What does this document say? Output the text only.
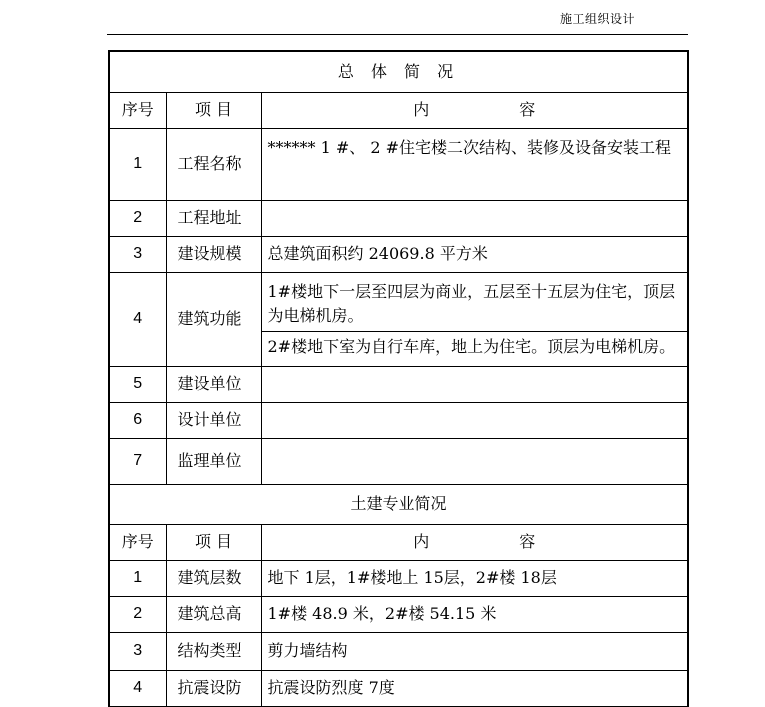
施工组织设计
总 体 简 况		
序号	项 目	内 容
1	工程名称	****** 1 #、 2 #住宅楼二次结构、装修及设备安装工程
2	工程地址	
3	建设规模	总建筑面积约 24069.8 平方米
4	建筑功能	1#楼地下一层至四层为商业，五层至十五层为住宅，顶层为电梯机房。
2#楼地下室为自行车库，地上为住宅。顶层为电梯机房。

5	建设单位	
6	设计单位	
7	监理单位	
土建专业简况		
序号	项 目	内 容
1	建筑层数	地下 1层，1#楼地上 15层，2#楼 18层
2	建筑总高	1#楼 48.9 米，2#楼 54.15 米
3	结构类型	剪力墙结构
4	抗震设防	抗震设防烈度 7度
